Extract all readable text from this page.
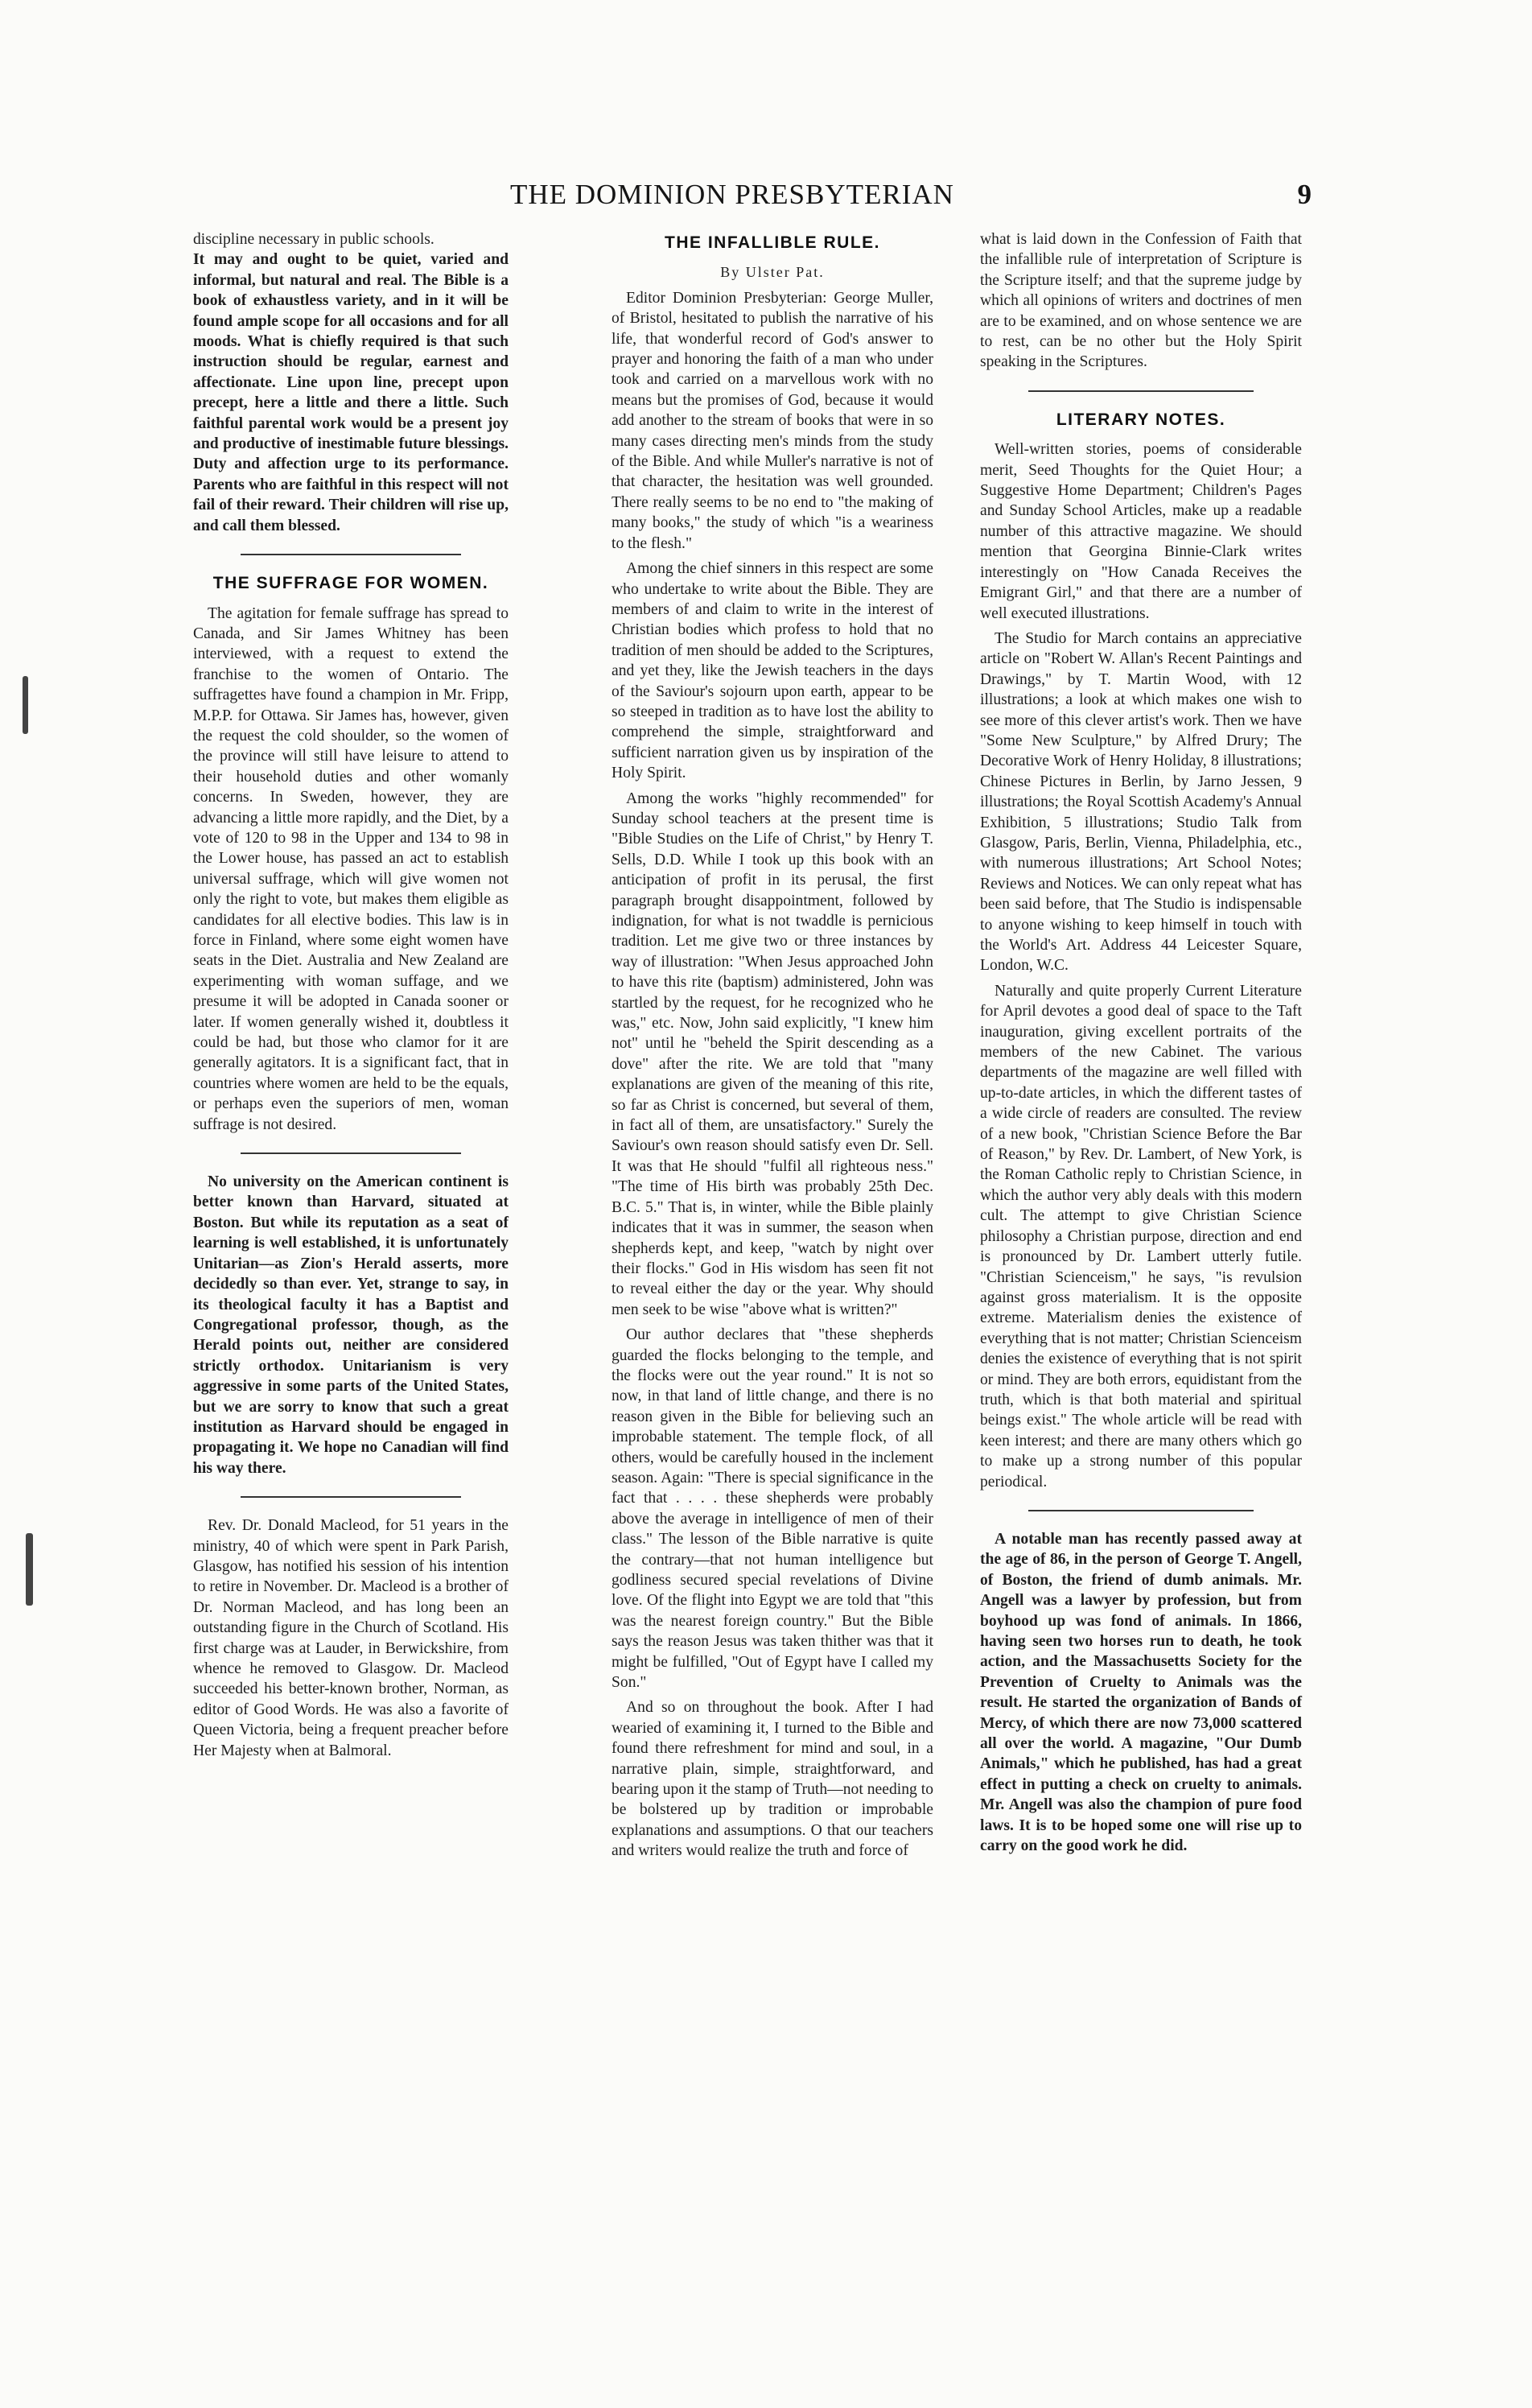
THE DOMINION PRESBYTERIAN	9

discipline necessary in public schools.

It may and ought to be quiet, varied and informal, but natural and real. The Bible is a book of exhaustless variety, and in it will be found ample scope for all occasions and for all moods. What is chiefly required is that such instruction should be regular, earnest and affectionate. Line upon line, precept upon precept, here a little and there a little. Such faithful parental work would be a present joy and productive of inestimable future blessings. Duty and affection urge to its performance. Parents who are faithful in this respect will not fail of their reward. Their children will rise up, and call them blessed.

THE SUFFRAGE FOR WOMEN.

The agitation for female suffrage has spread to Canada, and Sir James Whitney has been interviewed, with a request to extend the franchise to the women of Ontario. The suffragettes have found a champion in Mr. Fripp, M.P.P. for Ottawa. Sir James has, however, given the request the cold shoulder, so the women of the province will still have leisure to attend to their household duties and other womanly concerns. In Sweden, however, they are advancing a little more rapidly, and the Diet, by a vote of 120 to 98 in the Upper and 134 to 98 in the Lower house, has passed an act to establish universal suffrage, which will give women not only the right to vote, but makes them eligible as candidates for all elective bodies. This law is in force in Finland, where some eight women have seats in the Diet. Australia and New Zealand are experimenting with woman suffage, and we presume it will be adopted in Canada sooner or later. If women generally wished it, doubtless it could be had, but those who clamor for it are generally agitators. It is a significant fact, that in countries where women are held to be the equals, or perhaps even the superiors of men, woman suffrage is not desired.

No university on the American continent is better known than Harvard, situated at Boston. But while its reputation as a seat of learning is well established, it is unfortunately Unitarian—as Zion's Herald asserts, more decidedly so than ever. Yet, strange to say, in its theological faculty it has a Baptist and Congregational professor, though, as the Herald points out, neither are considered strictly orthodox. Unitarianism is very aggressive in some parts of the United States, but we are sorry to know that such a great institution as Harvard should be engaged in propagating it. We hope no Canadian will find his way there.

Rev. Dr. Donald Macleod, for 51 years in the ministry, 40 of which were spent in Park Parish, Glasgow, has notified his session of his intention to retire in November. Dr. Macleod is a brother of Dr. Norman Macleod, and has long been an outstanding figure in the Church of Scotland. His first charge was at Lauder, in Berwickshire, from whence he removed to Glasgow. Dr. Macleod succeeded his better-known brother, Norman, as editor of Good Words. He was also a favorite of Queen Victoria, being a frequent preacher before Her Majesty when at Balmoral.

THE INFALLIBLE RULE.

By Ulster Pat.

Editor Dominion Presbyterian: George Muller, of Bristol, hesitated to publish the narrative of his life, that wonderful record of God's answer to prayer and honoring the faith of a man who under took and carried on a marvellous work with no means but the promises of God, because it would add another to the stream of books that were in so many cases directing men's minds from the study of the Bible. And while Muller's narrative is not of that character, the hesitation was well grounded. There really seems to be no end to "the making of many books," the study of which "is a weariness to the flesh."

Among the chief sinners in this respect are some who undertake to write about the Bible. They are members of and claim to write in the interest of Christian bodies which profess to hold that no tradition of men should be added to the Scriptures, and yet they, like the Jewish teachers in the days of the Saviour's sojourn upon earth, appear to be so steeped in tradition as to have lost the ability to comprehend the simple, straightforward and sufficient narration given us by inspiration of the Holy Spirit.

Among the works "highly recommended" for Sunday school teachers at the present time is "Bible Studies on the Life of Christ," by Henry T. Sells, D.D. While I took up this book with an anticipation of profit in its perusal, the first paragraph brought disappointment, followed by indignation, for what is not twaddle is pernicious tradition. Let me give two or three instances by way of illustration: "When Jesus approached John to have this rite (baptism) administered, John was startled by the request, for he recognized who he was," etc. Now, John said explicitly, "I knew him not" until he "beheld the Spirit descending as a dove" after the rite. We are told that "many explanations are given of the meaning of this rite, so far as Christ is concerned, but several of them, in fact all of them, are unsatisfactory." Surely the Saviour's own reason should satisfy even Dr. Sell. It was that He should "fulfil all righteous ness." "The time of His birth was probably 25th Dec. B.C. 5." That is, in winter, while the Bible plainly indicates that it was in summer, the season when shepherds kept, and keep, "watch by night over their flocks." God in His wisdom has seen fit not to reveal either the day or the year. Why should men seek to be wise "above what is written?"

Our author declares that "these shepherds guarded the flocks belonging to the temple, and the flocks were out the year round." It is not so now, in that land of little change, and there is no reason given in the Bible for believing such an improbable statement. The temple flock, of all others, would be carefully housed in the inclement season. Again: "There is special significance in the fact that . . . . these shepherds were probably above the average in intelligence of men of their class." The lesson of the Bible narrative is quite the contrary—that not human intelligence but godliness secured special revelations of Divine love. Of the flight into Egypt we are told that "this was the nearest foreign country." But the Bible says the reason Jesus was taken thither was that it might be fulfilled, "Out of Egypt have I called my Son."

And so on throughout the book. After I had wearied of examining it, I turned to the Bible and found there refreshment for mind and soul, in a narrative plain, simple, straightforward, and bearing upon it the stamp of Truth—not needing to be bolstered up by tradition or improbable explanations and assumptions. O that our teachers and writers would realize the truth and force of

what is laid down in the Confession of Faith that the infallible rule of interpretation of Scripture is the Scripture itself; and that the supreme judge by which all opinions of writers and doctrines of men are to be examined, and on whose sentence we are to rest, can be no other but the Holy Spirit speaking in the Scriptures.

LITERARY NOTES.

Well-written stories, poems of considerable merit, Seed Thoughts for the Quiet Hour; a Suggestive Home Department; Children's Pages and Sunday School Articles, make up a readable number of this attractive magazine. We should mention that Georgina Binnie-Clark writes interestingly on "How Canada Receives the Emigrant Girl," and that there are a number of well executed illustrations.

The Studio for March contains an appreciative article on "Robert W. Allan's Recent Paintings and Drawings," by T. Martin Wood, with 12 illustrations; a look at which makes one wish to see more of this clever artist's work. Then we have "Some New Sculpture," by Alfred Drury; The Decorative Work of Henry Holiday, 8 illustrations; Chinese Pictures in Berlin, by Jarno Jessen, 9 illustrations; the Royal Scottish Academy's Annual Exhibition, 5 illustrations; Studio Talk from Glasgow, Paris, Berlin, Vienna, Philadelphia, etc., with numerous illustrations; Art School Notes; Reviews and Notices. We can only repeat what has been said before, that The Studio is indispensable to anyone wishing to keep himself in touch with the World's Art. Address 44 Leicester Square, London, W.C.

Naturally and quite properly Current Literature for April devotes a good deal of space to the Taft inauguration, giving excellent portraits of the members of the new Cabinet. The various departments of the magazine are well filled with up-to-date articles, in which the different tastes of a wide circle of readers are consulted. The review of a new book, "Christian Science Before the Bar of Reason," by Rev. Dr. Lambert, of New York, is the Roman Catholic reply to Christian Science, in which the author very ably deals with this modern cult. The attempt to give Christian Science philosophy a Christian purpose, direction and end is pronounced by Dr. Lambert utterly futile. "Christian Scienceism," he says, "is revulsion against gross materialism. It is the opposite extreme. Materialism denies the existence of everything that is not matter; Christian Scienceism denies the existence of everything that is not spirit or mind. They are both errors, equidistant from the truth, which is that both material and spiritual beings exist." The whole article will be read with keen interest; and there are many others which go to make up a strong number of this popular periodical.

A notable man has recently passed away at the age of 86, in the person of George T. Angell, of Boston, the friend of dumb animals. Mr. Angell was a lawyer by profession, but from boyhood up was fond of animals. In 1866, having seen two horses run to death, he took action, and the Massachusetts Society for the Prevention of Cruelty to Animals was the result. He started the organization of Bands of Mercy, of which there are now 73,000 scattered all over the world. A magazine, "Our Dumb Animals," which he published, has had a great effect in putting a check on cruelty to animals. Mr. Angell was also the champion of pure food laws. It is to be hoped some one will rise up to carry on the good work he did.
